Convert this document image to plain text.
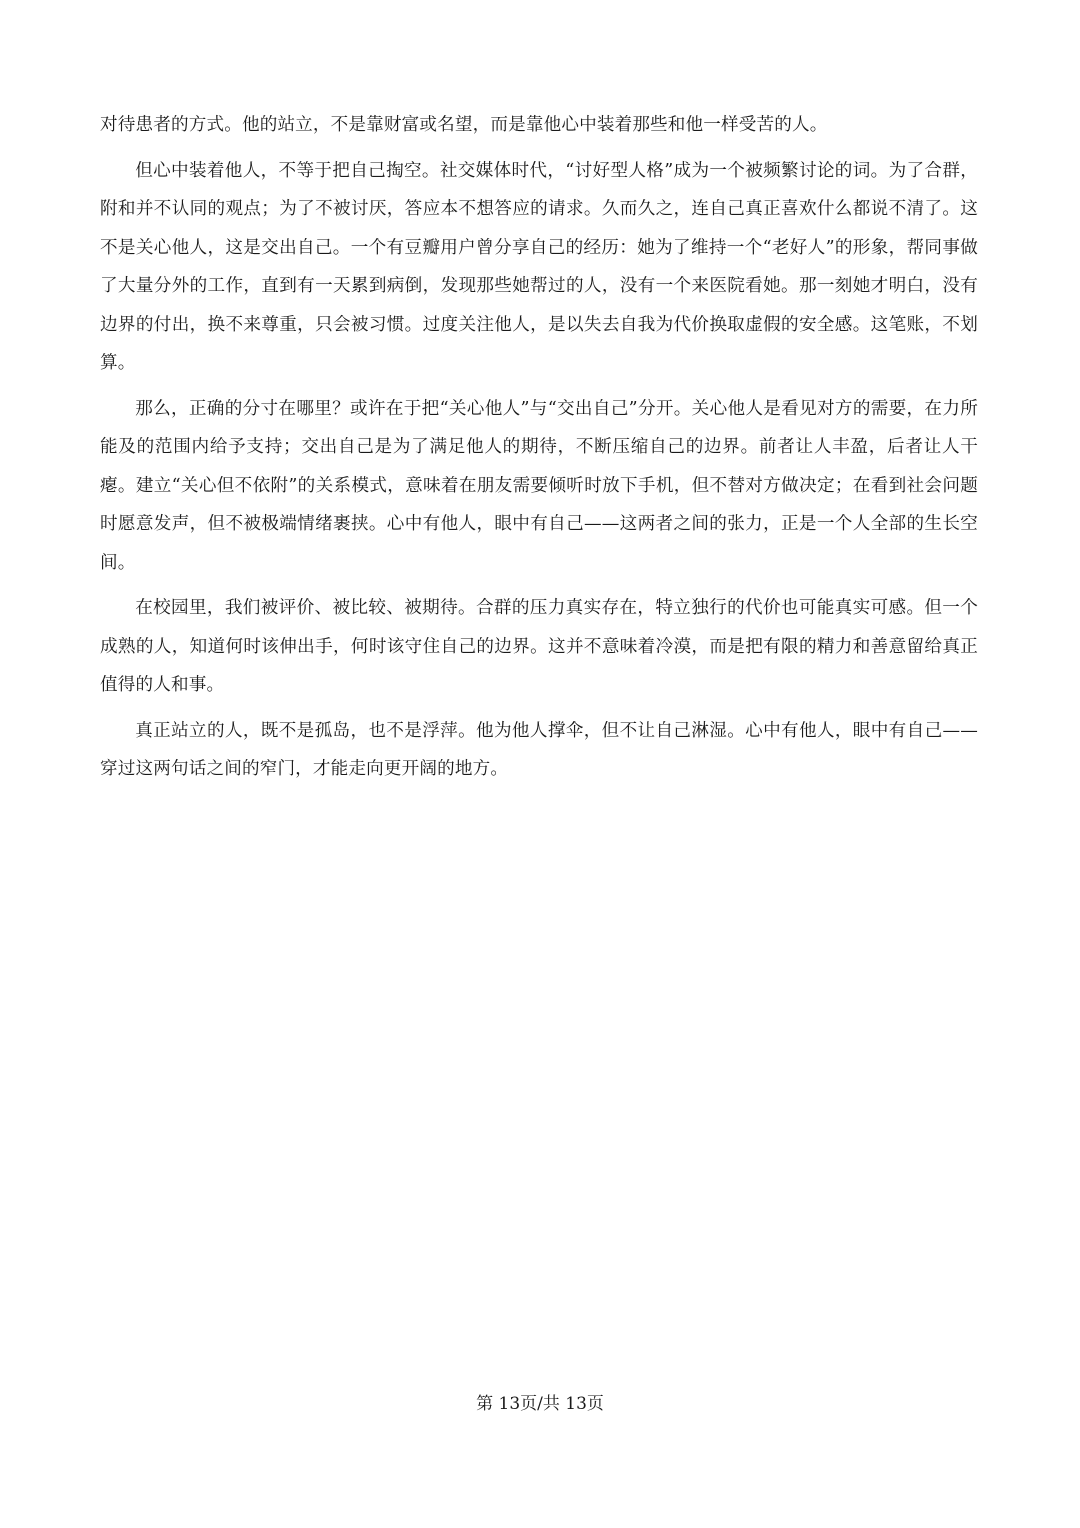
对待患者的方式。他的站立，不是靠财富或名望，而是靠他心中装着那些和他一样受苦的人。

但心中装着他人，不等于把自己掏空。社交媒体时代，“讨好型人格”成为一个被频繁讨论的词。为了合群，附和并不认同的观点；为了不被讨厌，答应本不想答应的请求。久而久之，连自己真正喜欢什么都说不清了。这不是关心他人，这是交出自己。一个有豆瓣用户曾分享自己的经历：她为了维持一个“老好人”的形象，帮同事做了大量分外的工作，直到有一天累到病倒，发现那些她帮过的人，没有一个来医院看她。那一刻她才明白，没有边界的付出，换不来尊重，只会被习惯。过度关注他人，是以失去自我为代价换取虚假的安全感。这笔账，不划算。

那么，正确的分寸在哪里？或许在于把“关心他人”与“交出自己”分开。关心他人是看见对方的需要，在力所能及的范围内给予支持；交出自己是为了满足他人的期待，不断压缩自己的边界。前者让人丰盈，后者让人干瘪。建立“关心但不依附”的关系模式，意味着在朋友需要倾听时放下手机，但不替对方做决定；在看到社会问题时愿意发声，但不被极端情绪裹挟。心中有他人，眼中有自己——这两者之间的张力，正是一个人全部的生长空间。

在校园里，我们被评价、被比较、被期待。合群的压力真实存在，特立独行的代价也可能真实可感。但一个成熟的人，知道何时该伸出手，何时该守住自己的边界。这并不意味着冷漠，而是把有限的精力和善意留给真正值得的人和事。

真正站立的人，既不是孤岛，也不是浮萍。他为他人撑伞，但不让自己淋湿。心中有他人，眼中有自己——穿过这两句话之间的窄门，才能走向更开阔的地方。

第 13页/共 13页
